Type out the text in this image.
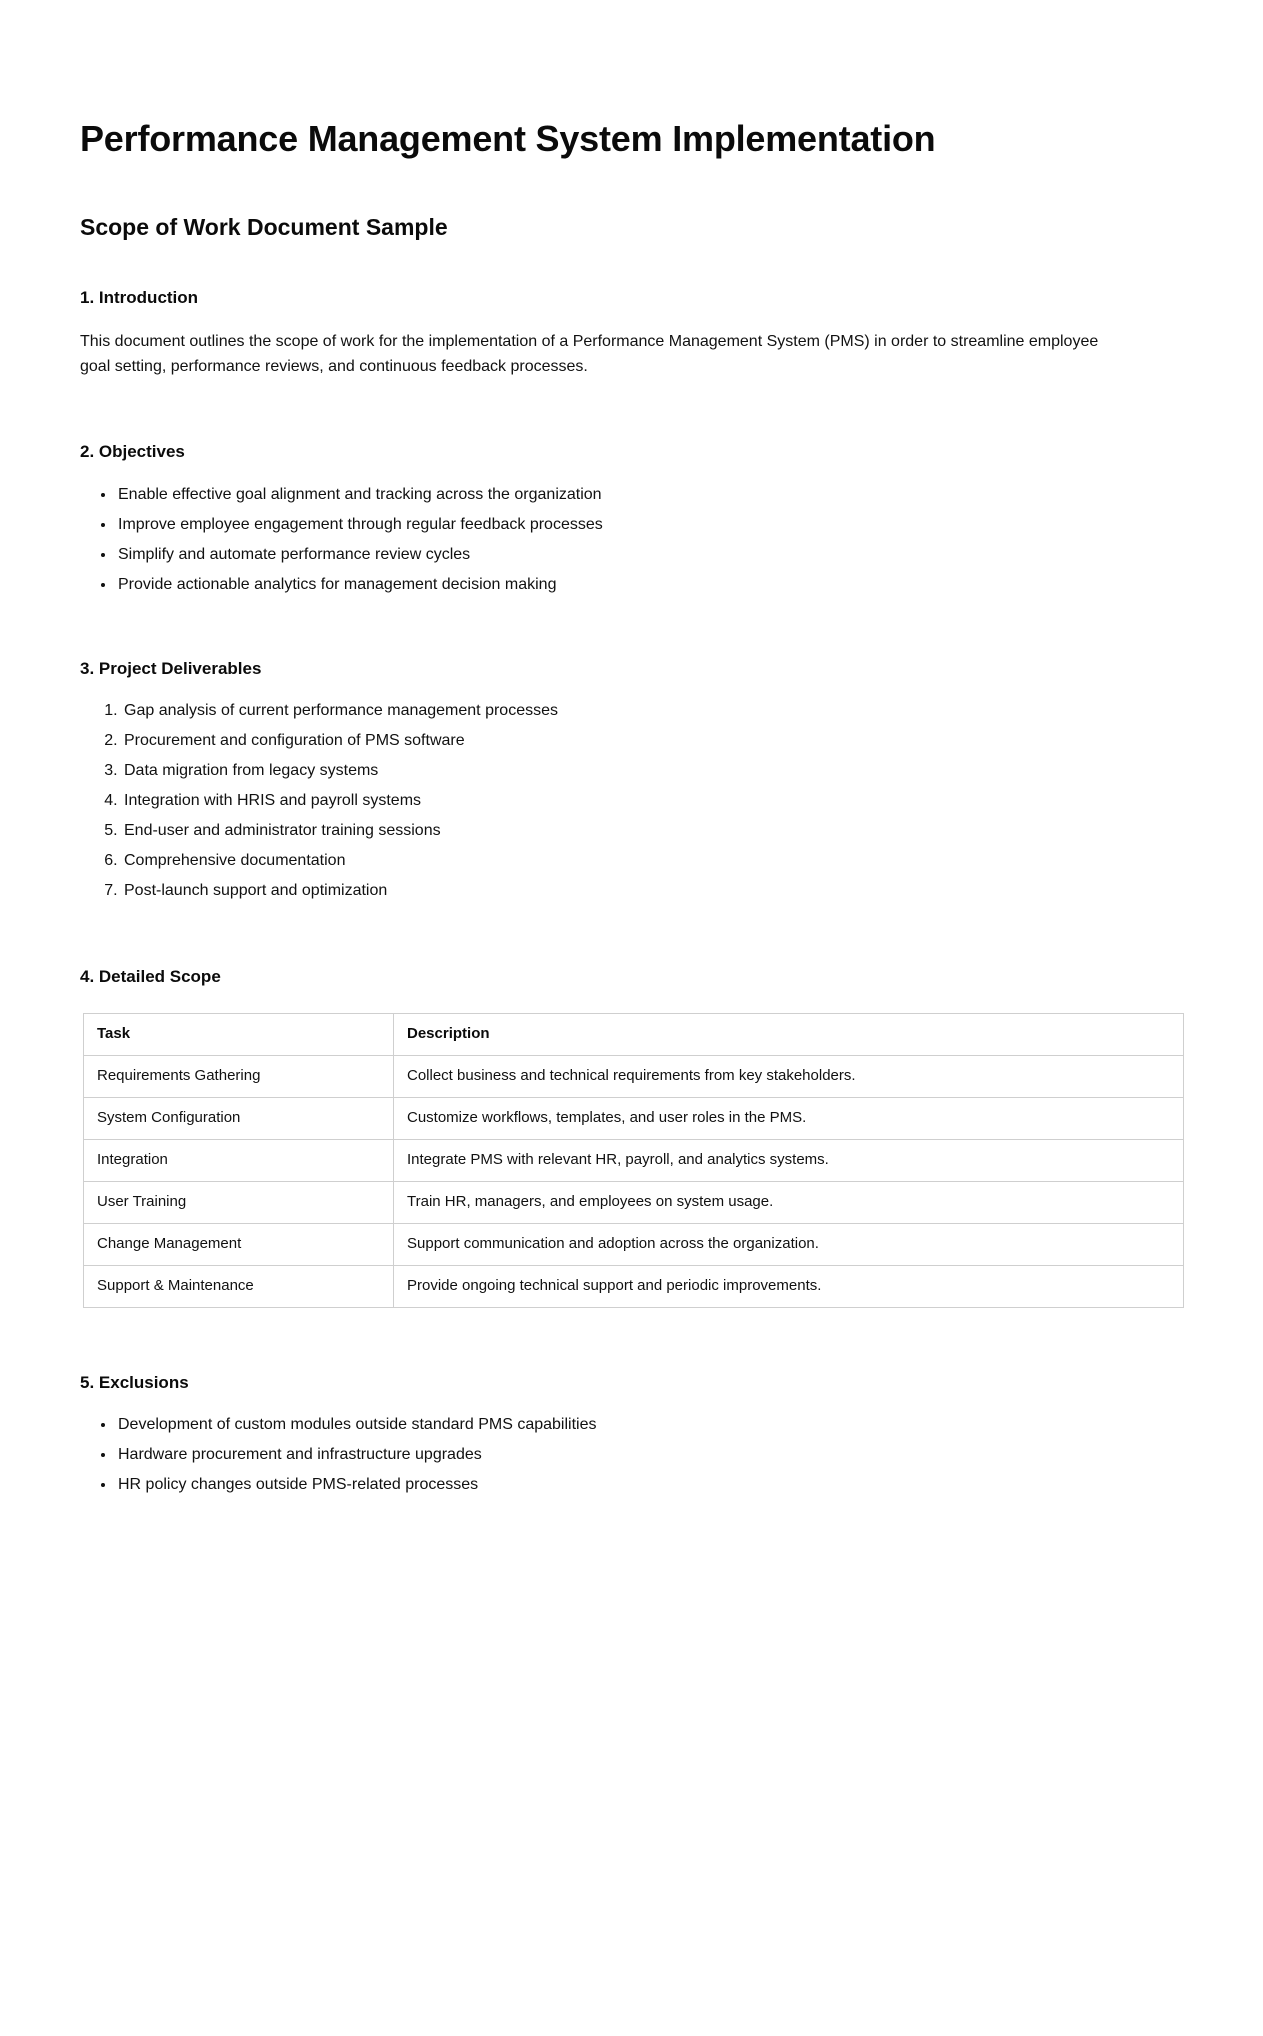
Performance Management System Implementation
Scope of Work Document Sample
1. Introduction

This document outlines the scope of work for the implementation of a Performance Management System (PMS) in order to streamline employee goal setting, performance reviews, and continuous feedback processes.

2. Objectives
• Enable effective goal alignment and tracking across the organization
• Improve employee engagement through regular feedback processes
• Simplify and automate performance review cycles
• Provide actionable analytics for management decision making
3. Project Deliverables
1. Gap analysis of current performance management processes
2. Procurement and configuration of PMS software
3. Data migration from legacy systems
4. Integration with HRIS and payroll systems
5. End-user and administrator training sessions
6. Comprehensive documentation
7. Post-launch support and optimization
4. Detailed Scope
Task	Description
Requirements Gathering	Collect business and technical requirements from key stakeholders.
System Configuration	Customize workflows, templates, and user roles in the PMS.
Integration	Integrate PMS with relevant HR, payroll, and analytics systems.
User Training	Train HR, managers, and employees on system usage.
Change Management	Support communication and adoption across the organization.
Support & Maintenance	Provide ongoing technical support and periodic improvements.
5. Exclusions
• Development of custom modules outside standard PMS capabilities
• Hardware procurement and infrastructure upgrades
• HR policy changes outside PMS-related processes
